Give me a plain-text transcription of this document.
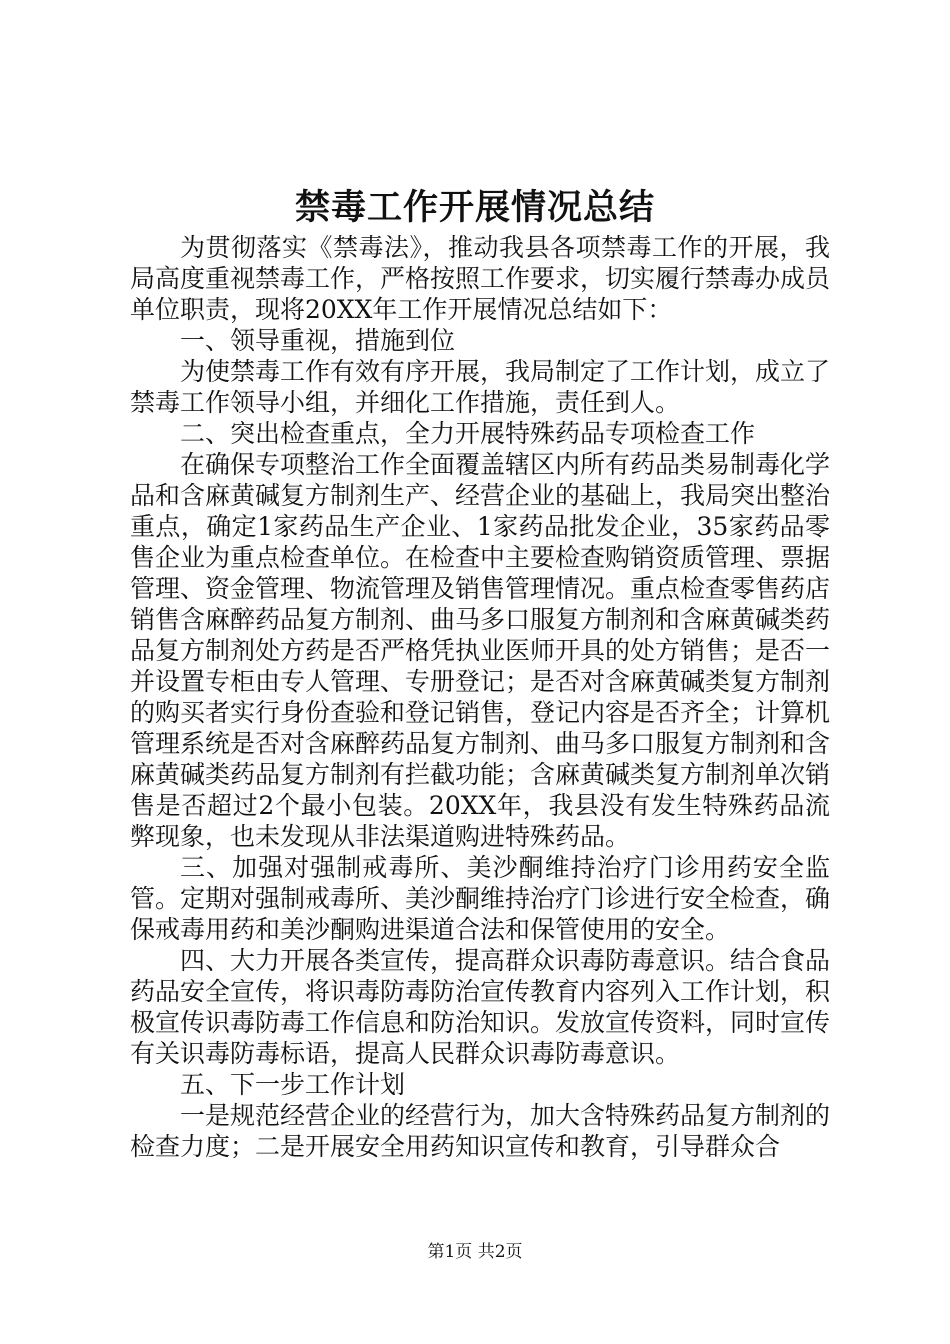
禁毒工作开展情况总结

为贯彻落实《禁毒法》，推动我县各项禁毒工作的开展，我局高度重视禁毒工作，严格按照工作要求，切实履行禁毒办成员单位职责，现将20XX年工作开展情况总结如下：

一、领导重视，措施到位

为使禁毒工作有效有序开展，我局制定了工作计划，成立了禁毒工作领导小组，并细化工作措施，责任到人。

二、突出检查重点，全力开展特殊药品专项检查工作

在确保专项整治工作全面覆盖辖区内所有药品类易制毒化学品和含麻黄碱复方制剂生产、经营企业的基础上，我局突出整治重点，确定1家药品生产企业、1家药品批发企业，35家药品零售企业为重点检查单位。在检查中主要检查购销资质管理、票据管理、资金管理、物流管理及销售管理情况。重点检查零售药店销售含麻醉药品复方制剂、曲马多口服复方制剂和含麻黄碱类药品复方制剂处方药是否严格凭执业医师开具的处方销售；是否一并设置专柜由专人管理、专册登记；是否对含麻黄碱类复方制剂的购买者实行身份查验和登记销售，登记内容是否齐全；计算机管理系统是否对含麻醉药品复方制剂、曲马多口服复方制剂和含麻黄碱类药品复方制剂有拦截功能；含麻黄碱类复方制剂单次销售是否超过2个最小包装。20XX年，我县没有发生特殊药品流弊现象，也未发现从非法渠道购进特殊药品。

三、加强对强制戒毒所、美沙酮维持治疗门诊用药安全监管。定期对强制戒毒所、美沙酮维持治疗门诊进行安全检查，确保戒毒用药和美沙酮购进渠道合法和保管使用的安全。

四、大力开展各类宣传，提高群众识毒防毒意识。结合食品药品安全宣传，将识毒防毒防治宣传教育内容列入工作计划，积极宣传识毒防毒工作信息和防治知识。发放宣传资料，同时宣传有关识毒防毒标语，提高人民群众识毒防毒意识。

五、下一步工作计划

一是规范经营企业的经营行为，加大含特殊药品复方制剂的检查力度；二是开展安全用药知识宣传和教育，引导群众合

第1页 共2页
